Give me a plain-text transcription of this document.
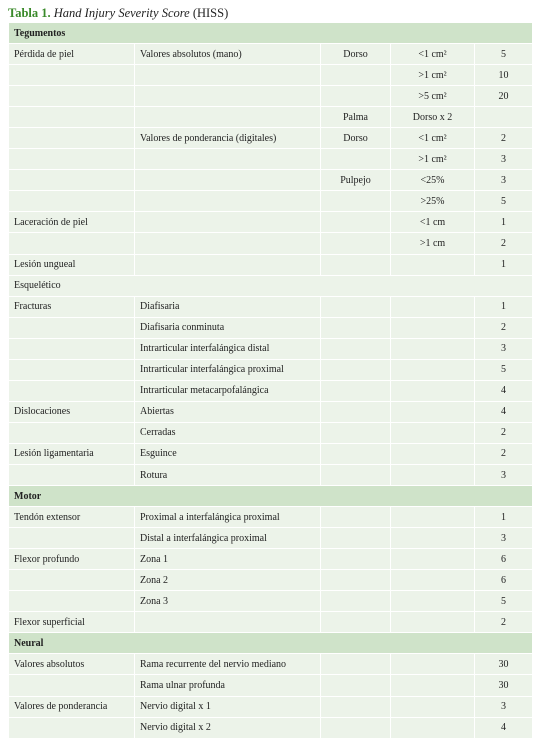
Tabla 1. Hand Injury Severity Score (HISS)
Tegumentos				
Pérdida de piel	Valores absolutos (mano)	Dorso	<1 cm²	5
			>1 cm²	10
			>5 cm²	20
		Palma	Dorso x 2	
	Valores de ponderancia (digitales)	Dorso	<1 cm²	2
			>1 cm²	3
		Pulpejo	<25%	3
			>25%	5
Laceración de piel			<1 cm	1
			>1 cm	2
Lesión ungueal				1
Esquelético				
Fracturas	Diafisaria			1
	Diafisaria conminuta			2
	Intrarticular interfalángica distal			3
	Intrarticular interfalángica proximal			5
	Intrarticular metacarpofalángica			4
Dislocaciones	Abiertas			4
	Cerradas			2
Lesión ligamentaria	Esguince			2
	Rotura			3
Motor				
Tendón extensor	Proximal a interfalángica proximal			1
	Distal a interfalángica proximal			3
Flexor profundo	Zona 1			6
	Zona 2			6
	Zona 3			5
Flexor superficial				2
Neural				
Valores absolutos	Rama recurrente del nervio mediano			30
	Rama ulnar profunda			30
Valores de ponderancia	Nervio digital x 1			3
	Nervio digital x 2			4
